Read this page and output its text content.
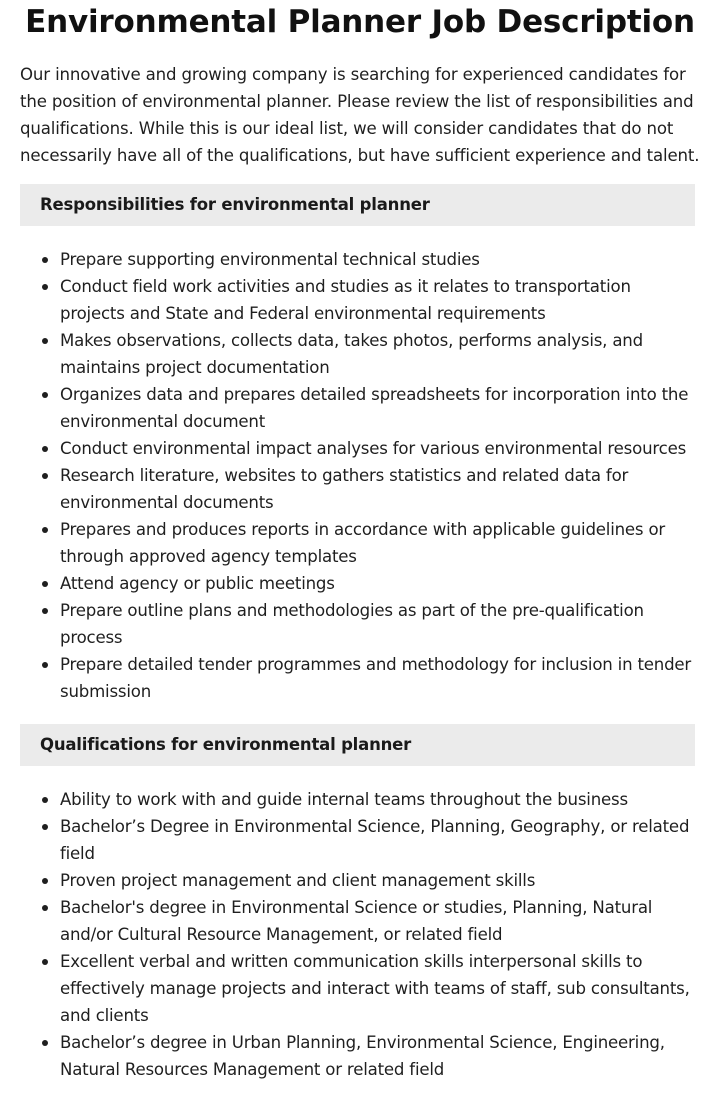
Environmental Planner Job Description

Our innovative and growing company is searching for experienced candidates for the position of environmental planner. Please review the list of responsibilities and qualifications. While this is our ideal list, we will consider candidates that do not necessarily have all of the qualifications, but have sufficient experience and talent.

Responsibilities for environmental planner
Prepare supporting environmental technical studies
Conduct field work activities and studies as it relates to transportation projects and State and Federal environmental requirements
Makes observations, collects data, takes photos, performs analysis, and maintains project documentation
Organizes data and prepares detailed spreadsheets for incorporation into the environmental document
Conduct environmental impact analyses for various environmental resources
Research literature, websites to gathers statistics and related data for environmental documents
Prepares and produces reports in accordance with applicable guidelines or through approved agency templates
Attend agency or public meetings
Prepare outline plans and methodologies as part of the pre-qualification process
Prepare detailed tender programmes and methodology for inclusion in tender submission
Qualifications for environmental planner
Ability to work with and guide internal teams throughout the business
Bachelor’s Degree in Environmental Science, Planning, Geography, or related field
Proven project management and client management skills
Bachelor's degree in Environmental Science or studies, Planning, Natural and/or Cultural Resource Management, or related field
Excellent verbal and written communication skills interpersonal skills to effectively manage projects and interact with teams of staff, sub consultants, and clients
Bachelor’s degree in Urban Planning, Environmental Science, Engineering, Natural Resources Management or related field
